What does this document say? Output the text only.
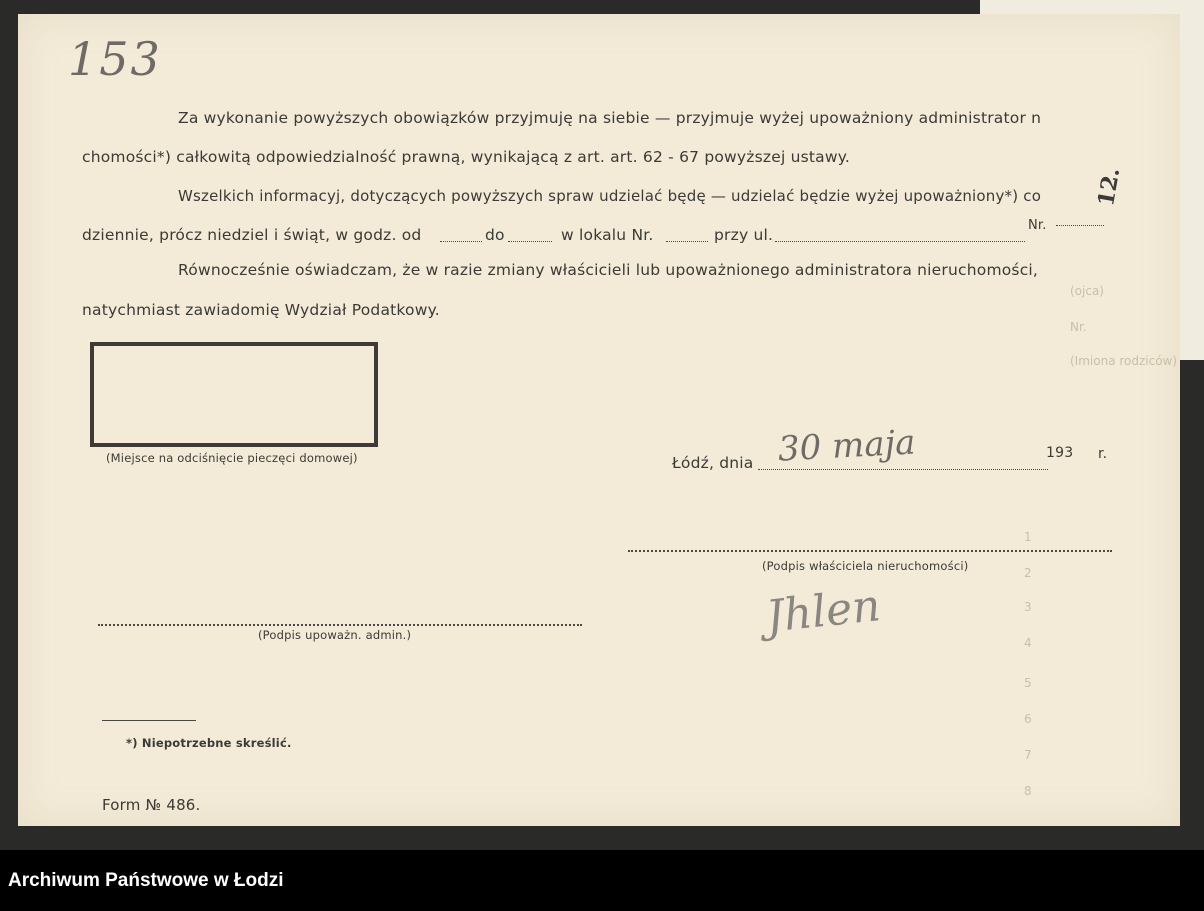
153
12.
Za wykonanie powyższych obowiązków przyjmuję na siebie — przyjmuje wyżej upoważniony administrator n
chomości*) całkowitą odpowiedzialność prawną, wynikającą z art. art. 62 - 67 powyższej ustawy.
Wszelkich informacyj, dotyczących powyższych spraw udzielać będę — udzielać będzie wyżej upoważniony*) co
dziennie, prócz niedziel i świąt, w godz. od	do	w lokalu Nr.	przy ul.
Nr.
Równocześnie oświadczam, że w razie zmiany właścicieli lub upoważnionego administratora nieruchomości,
natychmiast zawiadomię Wydział Podatkowy.
(Miejsce na odciśnięcie pieczęci domowej)	Łódź, dnia 30 maja	193 r.
(Podpis właściciela nieruchomości)
Jhlen
(Podpis upoważn. admin.)
*) Niepotrzebne skreślić.
Form № 486.
(ojca)
Nr.
(Imiona rodziców)
1
2
3
4
5
6
7
8
Archiwum Państwowe w Łodzi
